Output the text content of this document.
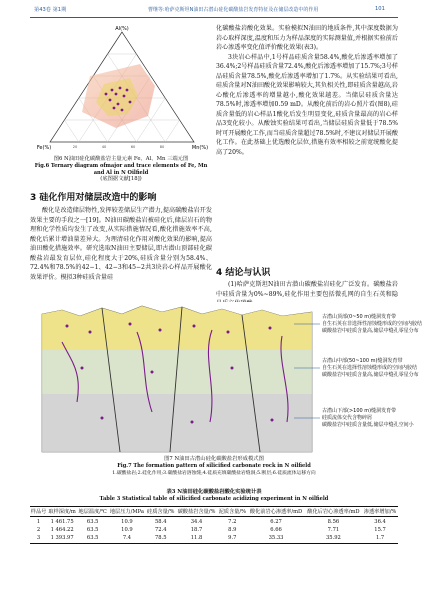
第43卷 第1期	曹继等:哈萨克斯坦N油田古潜山硅化碳酸盐岩发育特征及在储层改造中的作用	101
Al(%)
Fe(%)	Mn(%)
20	40	60	80

图6 N油田硅化碳酸盐岩主量元素 Fe、Al、Mn 三端元图

Fig.6 Ternary diagram ofmajor and trace elements of Fe, Mn and Al in N Oilfield

(底图据文献[18])

3 硅化作用对储层改造中的影响

酸化是改造储层物性,发挥较差储层生产潜力,提高碳酸盐岩开发效果主要的手段之一[19]。N油田碳酸盐岩被硅化后,储层岩石的物理和化学性质均发生了改变,从实际措施情况看,酸化措施效率不高,酸化后累计增油量差异大。为理清硅化作用对酸化效果的影响,提高油田酸化措施效率。研究选取N油田主要储层,即古潜山顶部硅化碳酸盐岩最发育层位,硅化程度大于20%,硅质含量分别为58.4%、72.4%和78.5%的42−1、42−3和45−2共3块岩心样品开展酸化效果评价。模拟3种硅质含量硅

化碳酸盐岩酸化效果。实验模拟N油田的地质条件,其中深度数据为岩心取样深度,温度和压力为样品深度的实际测量值,并根据实验前后岩心渗透率变化值评价酸化效果(表3)。

3块岩心样品中,1号样品硅质含量58.4%,酸化后渗透率增加了36.4%;2号样品硅质含量72.4%,酸化后渗透率增加了15.7%;3号样品硅质含量78.5%,酸化后渗透率增加了1.7%。从实验结果可看出,硅质含量对N油田酸化效果影响较大,其负相关性,即硅质含量越高,岩心酸化后渗透率的增量越小,酸化效果越差。当储层硅质含量达78.5%时,渗透率增加0.59 mD。从酸化前后的岩心照片看(图8),硅质含量低的岩心样品1酸化后发生明显变化,硅质含量最高的岩心样品3变化较小。从酸蚀实验结果可看出,当储层硅质含量低于78.5%时可开展酸化工作,而当硅质含量超过78.5%时,不建议对储层开展酸化工作。在此基础上优选酸化层位,措施有效率相较之前宽统酸化提高了20%。

4 结论与认识

(1)哈萨克斯坦N油田古潜山碳酸盐岩硅化广泛发育。碳酸盐岩中硅质含量为0%~89%,硅化作用主要包括微孔网的自生石英和隐

古潜山顶部(0~50 m)缝洞发育带
自生石英在非选择性溶蚀缝形成的空间内胶结
碳酸盐岩中硅质含量高,储层中缝孔零星分布
古潜山中部(50~100 m)缝洞发育带
自生石英在选择性溶蚀缝形成的空间内胶结
碳酸盐岩中硅质含量高,储层中缝孔零星分布
古潜山下部(>100 m)缝洞发育带
硅质流体交代含物碎屑
碳酸盐岩中硅质含量低,储层中缝孔空间小

图7 N油田古潜山硅化碳酸盐岩形成模式图

Fig.7 The formation pattern of silicified carbonate rock in N oilfield

1.碳酸盐岩;2.硅化作用;3.碳酸盐岩溶蚀缝;4.硅质充填碳酸盐岩缝洞;5.断层;6.硅质流体运移方向

表3 N油田硅化碳酸盐岩酸化实验统计表

Table 3 Statistical table of silicified carbonate acidizing experiment in N oilfield

样品号	取样深度/m	地层温度/℃	地层压力/MPa	硅质含量/%	碳酸盐岩含量/%	泥质含量/%	酸化前岩心渗透率/mD	酸化后岩心渗透率/mD	渗透率增加/%
1	1 461.75	63.5	10.9	58.4	34.4	7.2	6.27	8.56	36.4
2	1 464.22	63.5	10.9	72.4	18.7	8.9	6.66	7.71	15.7
3	1 393.97	63.5	7.4	78.5	11.8	9.7	35.33	35.92	1.7
